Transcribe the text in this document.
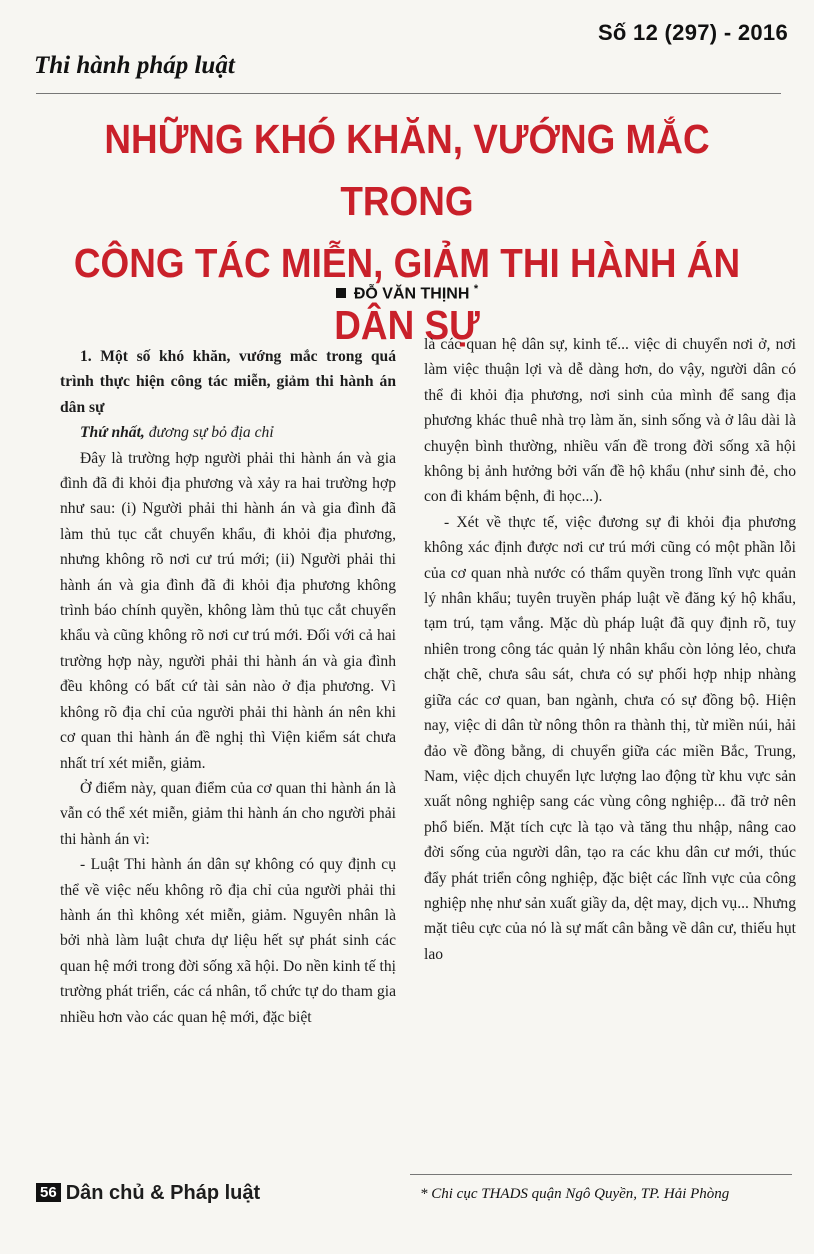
Số 12 (297) - 2016
Thi hành pháp luật
NHỮNG KHÓ KHĂN, VƯỚNG MẮC TRONG
CÔNG TÁC MIỄN, GIẢM THI HÀNH ÁN DÂN SỰ
ĐỖ VĂN THỊNH *

1. Một số khó khăn, vướng mắc trong quá trình thực hiện công tác miễn, giảm thi hành án dân sự

Thứ nhất, đương sự bỏ địa chỉ

Đây là trường hợp người phải thi hành án và gia đình đã đi khỏi địa phương và xảy ra hai trường hợp như sau: (i) Người phải thi hành án và gia đình đã làm thủ tục cắt chuyển khẩu, đi khỏi địa phương, nhưng không rõ nơi cư trú mới; (ii) Người phải thi hành án và gia đình đã đi khỏi địa phương không trình báo chính quyền, không làm thủ tục cắt chuyển khẩu và cũng không rõ nơi cư trú mới. Đối với cả hai trường hợp này, người phải thi hành án và gia đình đều không có bất cứ tài sản nào ở địa phương. Vì không rõ địa chỉ của người phải thi hành án nên khi cơ quan thi hành án đề nghị thì Viện kiểm sát chưa nhất trí xét miễn, giảm.

Ở điểm này, quan điểm của cơ quan thi hành án là vẫn có thể xét miễn, giảm thi hành án cho người phải thi hành án vì:

- Luật Thi hành án dân sự không có quy định cụ thể về việc nếu không rõ địa chỉ của người phải thi hành án thì không xét miễn, giảm. Nguyên nhân là bởi nhà làm luật chưa dự liệu hết sự phát sinh các quan hệ mới trong đời sống xã hội. Do nền kinh tế thị trường phát triển, các cá nhân, tổ chức tự do tham gia nhiều hơn vào các quan hệ mới, đặc biệt

là các quan hệ dân sự, kinh tế... việc di chuyển nơi ở, nơi làm việc thuận lợi và dễ dàng hơn, do vậy, người dân có thể đi khỏi địa phương, nơi sinh của mình để sang địa phương khác thuê nhà trọ làm ăn, sinh sống và ở lâu dài là chuyện bình thường, nhiều vấn đề trong đời sống xã hội không bị ảnh hưởng bởi vấn đề hộ khẩu (như sinh đẻ, cho con đi khám bệnh, đi học...).

- Xét về thực tế, việc đương sự đi khỏi địa phương không xác định được nơi cư trú mới cũng có một phần lỗi của cơ quan nhà nước có thẩm quyền trong lĩnh vực quản lý nhân khẩu; tuyên truyền pháp luật về đăng ký hộ khẩu, tạm trú, tạm vắng. Mặc dù pháp luật đã quy định rõ, tuy nhiên trong công tác quản lý nhân khẩu còn lỏng lẻo, chưa chặt chẽ, chưa sâu sát, chưa có sự phối hợp nhịp nhàng giữa các cơ quan, ban ngành, chưa có sự đồng bộ. Hiện nay, việc di dân từ nông thôn ra thành thị, từ miền núi, hải đảo về đồng bằng, di chuyển giữa các miền Bắc, Trung, Nam, việc dịch chuyển lực lượng lao động từ khu vực sản xuất nông nghiệp sang các vùng công nghiệp... đã trở nên phổ biến. Mặt tích cực là tạo và tăng thu nhập, nâng cao đời sống của người dân, tạo ra các khu dân cư mới, thúc đẩy phát triển công nghiệp, đặc biệt các lĩnh vực của công nghiệp nhẹ như sản xuất giầy da, dệt may, dịch vụ... Nhưng mặt tiêu cực của nó là sự mất cân bằng về dân cư, thiếu hụt lao

56 Dân chủ & Pháp luật	* Chi cục THADS quận Ngô Quyền, TP. Hải Phòng
